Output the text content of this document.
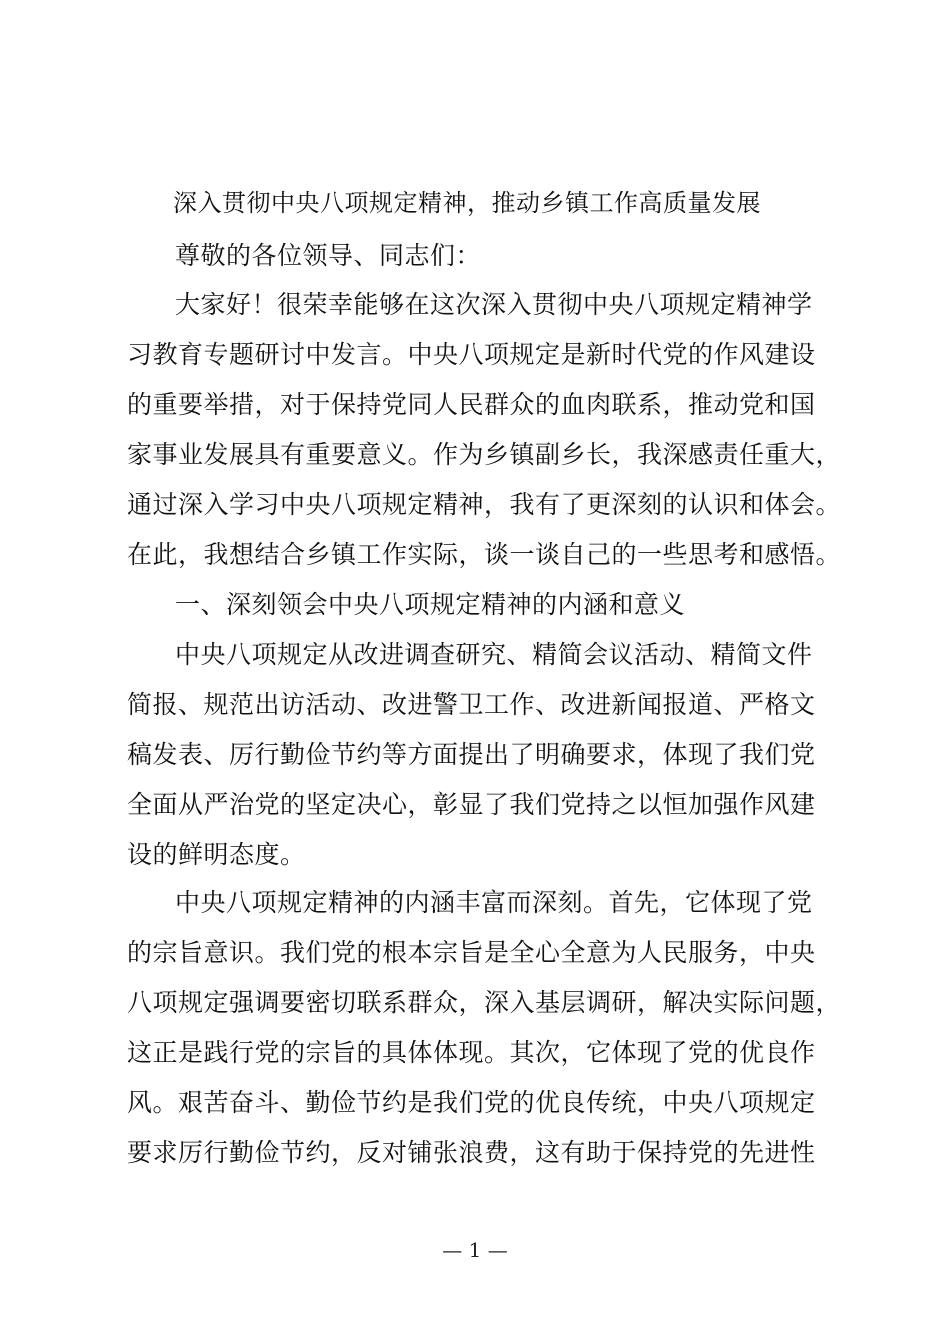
深入贯彻中央八项规定精神，推动乡镇工作高质量发展
尊敬的各位领导、同志们：
大家好！很荣幸能够在这次深入贯彻中央八项规定精神学
习教育专题研讨中发言。中央八项规定是新时代党的作风建设
的重要举措，对于保持党同人民群众的血肉联系，推动党和国
家事业发展具有重要意义。作为乡镇副乡长，我深感责任重大，
通过深入学习中央八项规定精神，我有了更深刻的认识和体会。
在此，我想结合乡镇工作实际，谈一谈自己的一些思考和感悟。
一、深刻领会中央八项规定精神的内涵和意义
中央八项规定从改进调查研究、精简会议活动、精简文件
简报、规范出访活动、改进警卫工作、改进新闻报道、严格文
稿发表、厉行勤俭节约等方面提出了明确要求，体现了我们党
全面从严治党的坚定决心，彰显了我们党持之以恒加强作风建
设的鲜明态度。
中央八项规定精神的内涵丰富而深刻。首先，它体现了党
的宗旨意识。我们党的根本宗旨是全心全意为人民服务，中央
八项规定强调要密切联系群众，深入基层调研，解决实际问题，
这正是践行党的宗旨的具体体现。其次，它体现了党的优良作
风。艰苦奋斗、勤俭节约是我们党的优良传统，中央八项规定
要求厉行勤俭节约，反对铺张浪费，这有助于保持党的先进性
— 1 —
